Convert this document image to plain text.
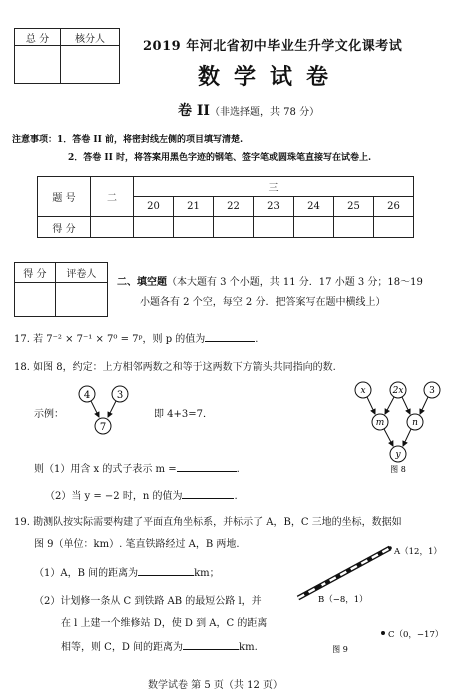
总 分	核分人
		2019 年河北省初中毕业生升学文化课考试
数学试卷
卷 II（非选择题，共 78 分）
注意事项：1．答卷 II 前，将密封线左侧的项目填写清楚.
2．答卷 II 时，将答案用黑色字迹的钢笔、签字笔或圆珠笔直接写在试卷上.
题 号	二	三						
		20	21	22	23	24	25	26
得 分								
得 分	评卷人

二、填空题（本大题有 3 个小题，共 11 分．17 小题 3 分；18～19
小题各有 2 个空，每空 2 分．把答案写在题中横线上）
17. 若 7⁻² × 7⁻¹ × 7⁰ = 7ᵖ，则 p 的值为	.
18. 如图 8，约定：上方相邻两数之和等于这两数下方箭头共同指向的数.
示例：
4	3
7
即 4+3=7．
x	2x	3
m	n
y
图 8
则（1）用含 x 的式子表示 m =	.
（2）当 y = −2 时，n 的值为	.
19. 勘测队按实际需要构建了平面直角坐标系，并标示了 A，B，C 三地的坐标，数据如
图 9（单位：km）. 笔直铁路经过 A，B 两地.
（1）A，B 间的距离为	km；
（2）计划修一条从 C 到铁路 AB 的最短公路 l，并
在 l 上建一个维修站 D，使 D 到 A，C 的距离
相等，则 C，D 间的距离为	km.
A（12，1）
B（−8，1）
C（0，−17）
图 9
数学试卷 第 5 页（共 12 页）
